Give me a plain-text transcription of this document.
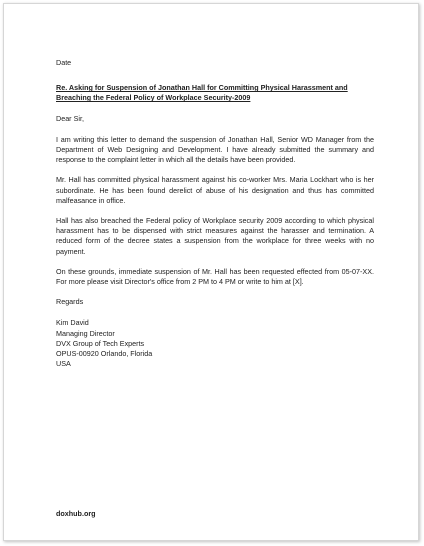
Date
Re. Asking for Suspension of Jonathan Hall for Committing Physical Harassment and
Breaching the Federal Policy of Workplace Security-2009
Dear Sir,
I am writing this letter to demand the suspension of Jonathan Hall, Senior WD Manager from the Department of Web Designing and Development. I have already submitted the summary and response to the complaint letter in which all the details have been provided.
Mr. Hall has committed physical harassment against his co-worker Mrs. Maria Lockhart who is her subordinate. He has been found derelict of abuse of his designation and thus has committed malfeasance in office.
Hall has also breached the Federal policy of Workplace security 2009 according to which physical harassment has to be dispensed with strict measures against the harasser and termination. A reduced form of the decree states a suspension from the workplace for three weeks with no payment.
On these grounds, immediate suspension of Mr. Hall has been requested effected from 05-07-XX. For more please visit Director's office from 2 PM to 4 PM or write to him at [X].
Regards
Kim David
Managing Director
DVX Group of Tech Experts
OPUS-00920 Orlando, Florida
USA
doxhub.org
